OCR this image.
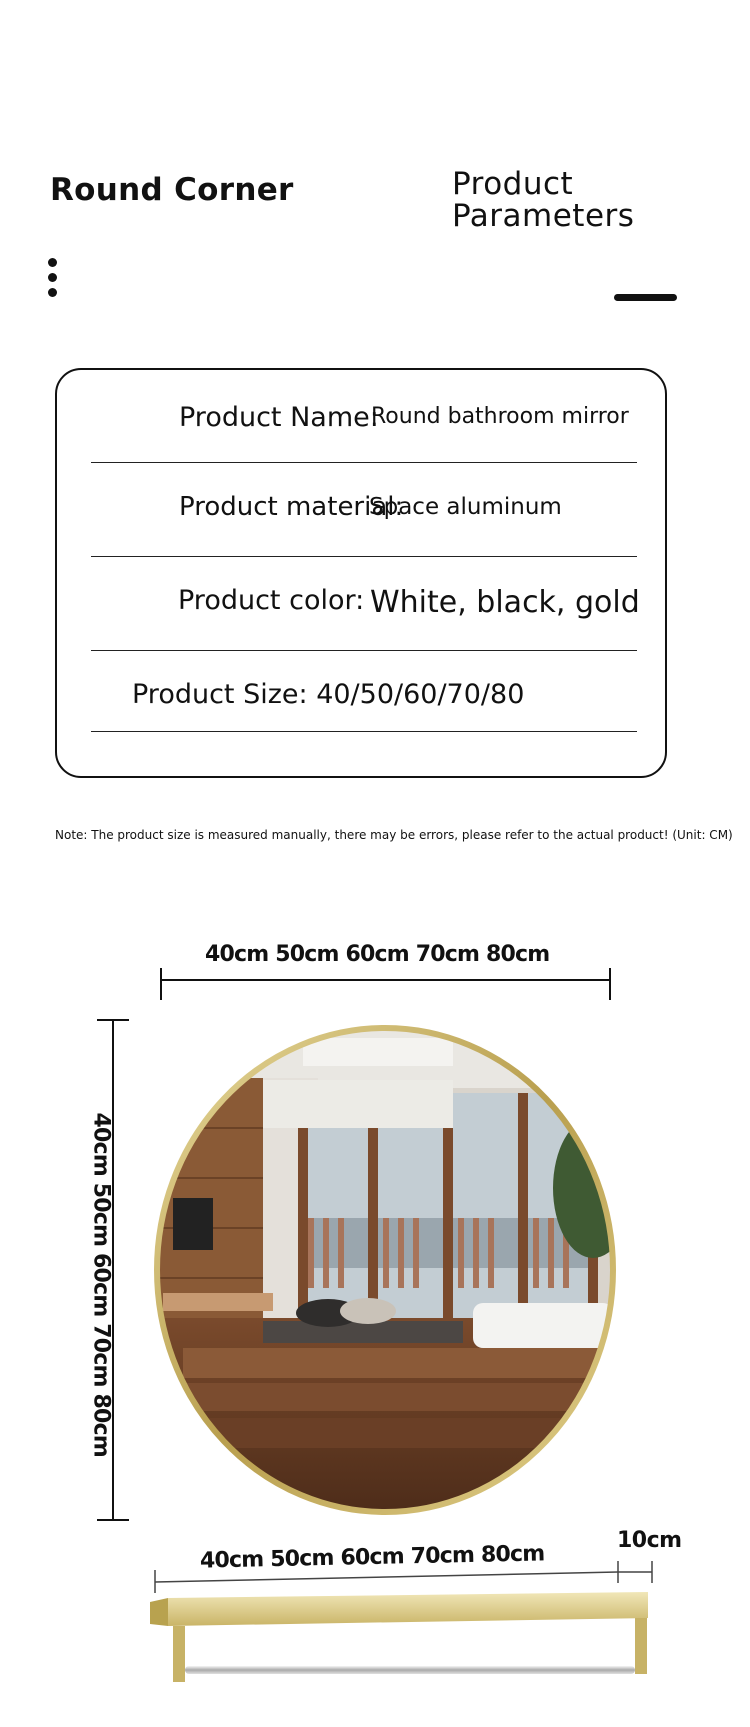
Round Corner	Product
Parameters
Product Name:
Round bathroom mirror
Product material:
Space aluminum
Product color: White, black, gold
Product Size: 40/50/60/70/80
Note: The product size is measured manually, there may be errors, please refer to the actual product! (Unit: CM)
40cm 50cm 60cm 70cm 80cm
40cm 50cm 60cm 70cm 80cm
40cm 50cm 60cm 70cm 80cm
10cm
